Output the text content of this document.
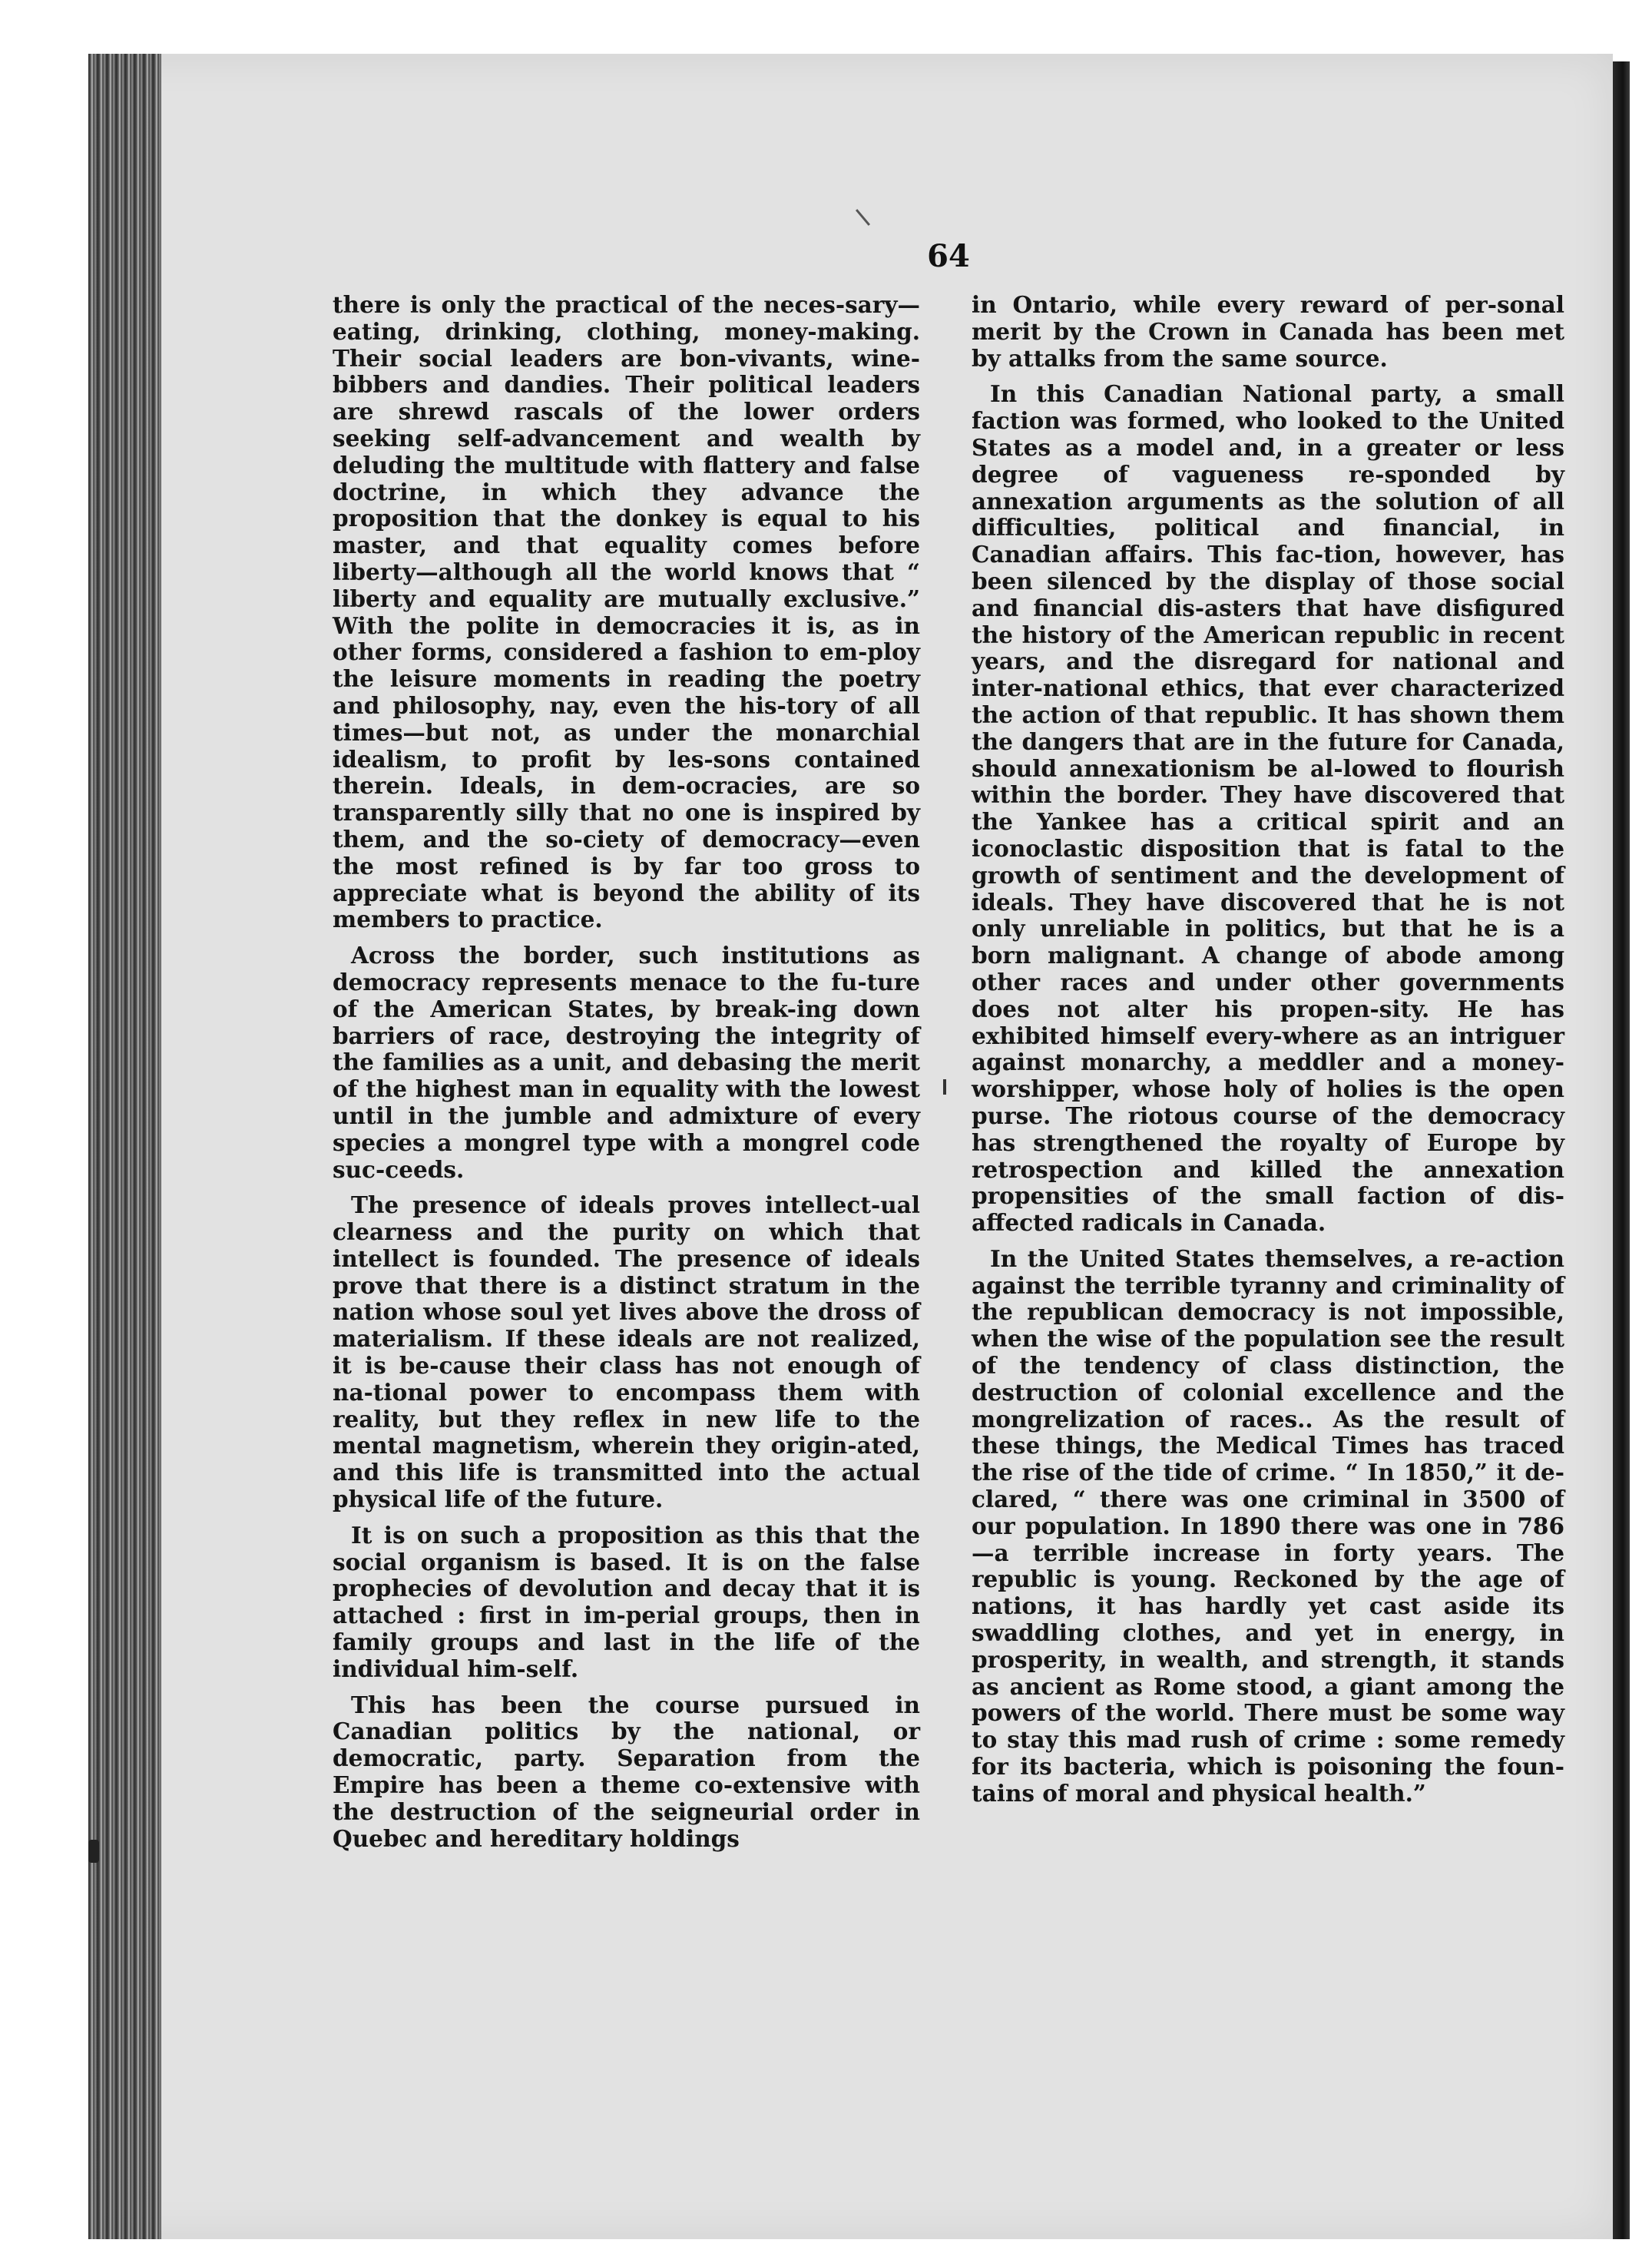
64

there is only the practical of the neces-sary—eating, drinking, clothing, money-making. Their social leaders are bon-vivants, wine-bibbers and dandies. Their political leaders are shrewd rascals of the lower orders seeking self-advancement and wealth by deluding the multitude with flattery and false doctrine, in which they advance the proposition that the donkey is equal to his master, and that equality comes before liberty—although all the world knows that “ liberty and equality are mutually exclusive.” With the polite in democracies it is, as in other forms, considered a fashion to em-ploy the leisure moments in reading the poetry and philosophy, nay, even the his-tory of all times—but not, as under the monarchial idealism, to profit by les-sons contained therein. Ideals, in dem-ocracies, are so transparently silly that no one is inspired by them, and the so-ciety of democracy—even the most refined is by far too gross to appreciate what is beyond the ability of its members to practice.

Across the border, such institutions as democracy represents menace to the fu-ture of the American States, by break-ing down barriers of race, destroying the integrity of the families as a unit, and debasing the merit of the highest man in equality with the lowest until in the jumble and admixture of every species a mongrel type with a mongrel code suc-ceeds.

The presence of ideals proves intellect-ual clearness and the purity on which that intellect is founded. The presence of ideals prove that there is a distinct stratum in the nation whose soul yet lives above the dross of materialism. If these ideals are not realized, it is be-cause their class has not enough of na-tional power to encompass them with reality, but they reflex in new life to the mental magnetism, wherein they origin-ated, and this life is transmitted into the actual physical life of the future.

It is on such a proposition as this that the social organism is based. It is on the false prophecies of devolution and decay that it is attached : first in im-perial groups, then in family groups and last in the life of the individual him-self.

This has been the course pursued in Canadian politics by the national, or democratic, party. Separation from the Empire has been a theme co-extensive with the destruction of the seigneurial order in Quebec and hereditary holdings

in Ontario, while every reward of per-sonal merit by the Crown in Canada has been met by attalks from the same source.

In this Canadian National party, a small faction was formed, who looked to the United States as a model and, in a greater or less degree of vagueness re-sponded by annexation arguments as the solution of all difficulties, political and financial, in Canadian affairs. This fac-tion, however, has been silenced by the display of those social and financial dis-asters that have disfigured the history of the American republic in recent years, and the disregard for national and inter-national ethics, that ever characterized the action of that republic. It has shown them the dangers that are in the future for Canada, should annexationism be al-lowed to flourish within the border. They have discovered that the Yankee has a critical spirit and an iconoclastic disposition that is fatal to the growth of sentiment and the development of ideals. They have discovered that he is not only unreliable in politics, but that he is a born malignant. A change of abode among other races and under other governments does not alter his propen-sity. He has exhibited himself every-where as an intriguer against monarchy, a meddler and a money-worshipper, whose holy of holies is the open purse. The riotous course of the democracy has strengthened the royalty of Europe by retrospection and killed the annexation propensities of the small faction of dis-affected radicals in Canada.

In the United States themselves, a re-action against the terrible tyranny and criminality of the republican democracy is not impossible, when the wise of the population see the result of the tendency of class distinction, the destruction of colonial excellence and the mongrelization of races.. As the result of these things, the Medical Times has traced the rise of the tide of crime. “ In 1850,” it de-clared, “ there was one criminal in 3500 of our population. In 1890 there was one in 786—a terrible increase in forty years. The republic is young. Reckoned by the age of nations, it has hardly yet cast aside its swaddling clothes, and yet in energy, in prosperity, in wealth, and strength, it stands as ancient as Rome stood, a giant among the powers of the world. There must be some way to stay this mad rush of crime : some remedy for its bacteria, which is poisoning the foun-tains of moral and physical health.”
